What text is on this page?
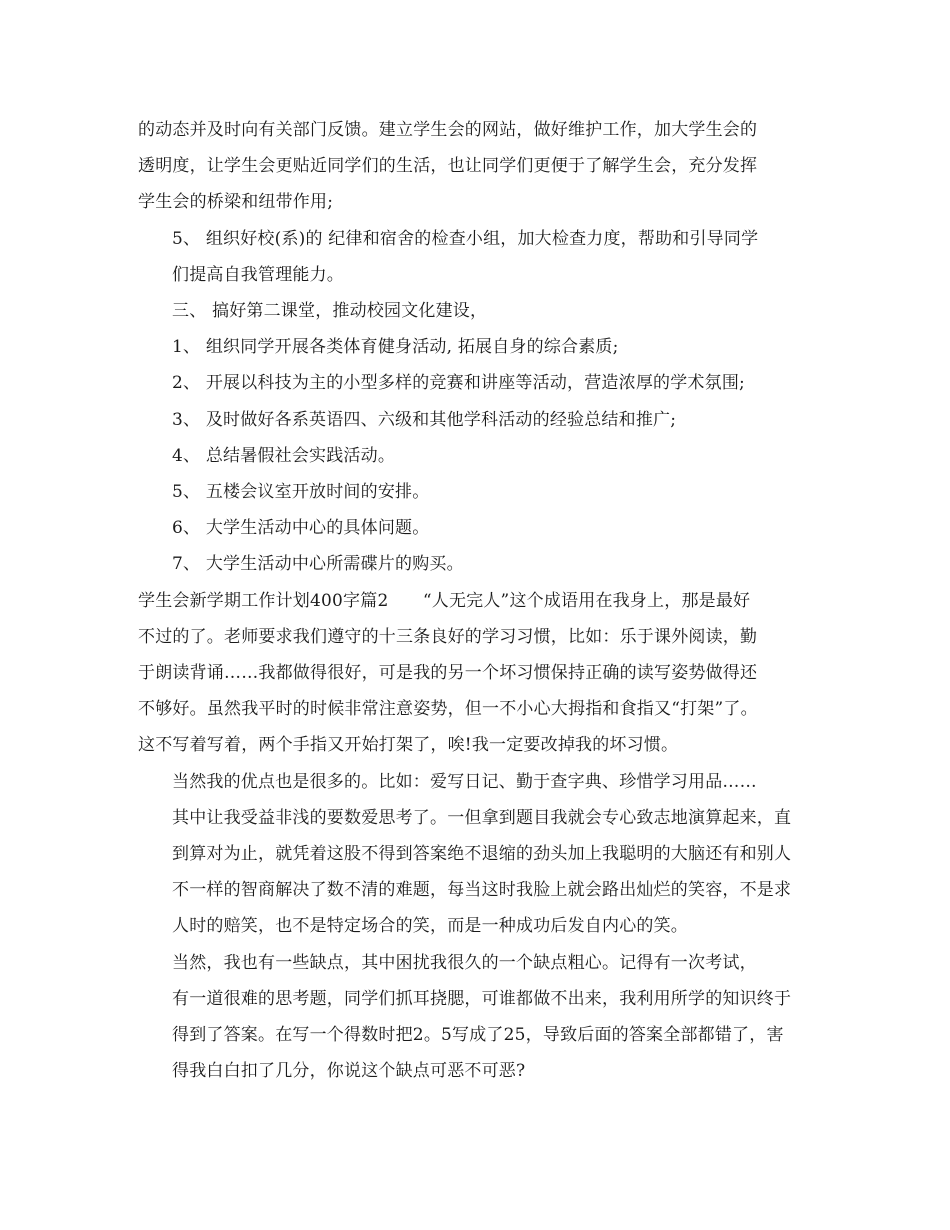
的动态并及时向有关部门反馈。建立学生会的网站，做好维护工作，加大学生会的
透明度，让学生会更贴近同学们的生活，也让同学们更便于了解学生会，充分发挥
学生会的桥梁和纽带作用;
5、 组织好校(系)的 纪律和宿舍的检查小组，加大检查力度，帮助和引导同学
们提高自我管理能力。
三、 搞好第二课堂，推动校园文化建设，
1、 组织同学开展各类体育健身活动, 拓展自身的综合素质;
2、 开展以科技为主的小型多样的竞赛和讲座等活动，营造浓厚的学术氛围;
3、 及时做好各系英语四、六级和其他学科活动的经验总结和推广;
4、 总结暑假社会实践活动。
5、 五楼会议室开放时间的安排。
6、 大学生活动中心的具体问题。
7、 大学生活动中心所需碟片的购买。
学生会新学期工作计划400字篇2　　“人无完人”这个成语用在我身上，那是最好
不过的了。老师要求我们遵守的十三条良好的学习习惯，比如：乐于课外阅读，勤
于朗读背诵……我都做得很好，可是我的另一个坏习惯保持正确的读写姿势做得还
不够好。虽然我平时的时候非常注意姿势，但一不小心大拇指和食指又“打架”了。
这不写着写着，两个手指又开始打架了，唉!我一定要改掉我的坏习惯。
当然我的优点也是很多的。比如：爱写日记、勤于查字典、珍惜学习用品……
其中让我受益非浅的要数爱思考了。一但拿到题目我就会专心致志地演算起来，直
到算对为止，就凭着这股不得到答案绝不退缩的劲头加上我聪明的大脑还有和别人
不一样的智商解决了数不清的难题，每当这时我脸上就会路出灿烂的笑容，不是求
人时的赔笑，也不是特定场合的笑，而是一种成功后发自内心的笑。
当然，我也有一些缺点，其中困扰我很久的一个缺点粗心。记得有一次考试，
有一道很难的思考题，同学们抓耳挠腮，可谁都做不出来，我利用所学的知识终于
得到了答案。在写一个得数时把2。5写成了25，导致后面的答案全部都错了，害
得我白白扣了几分，你说这个缺点可恶不可恶?
